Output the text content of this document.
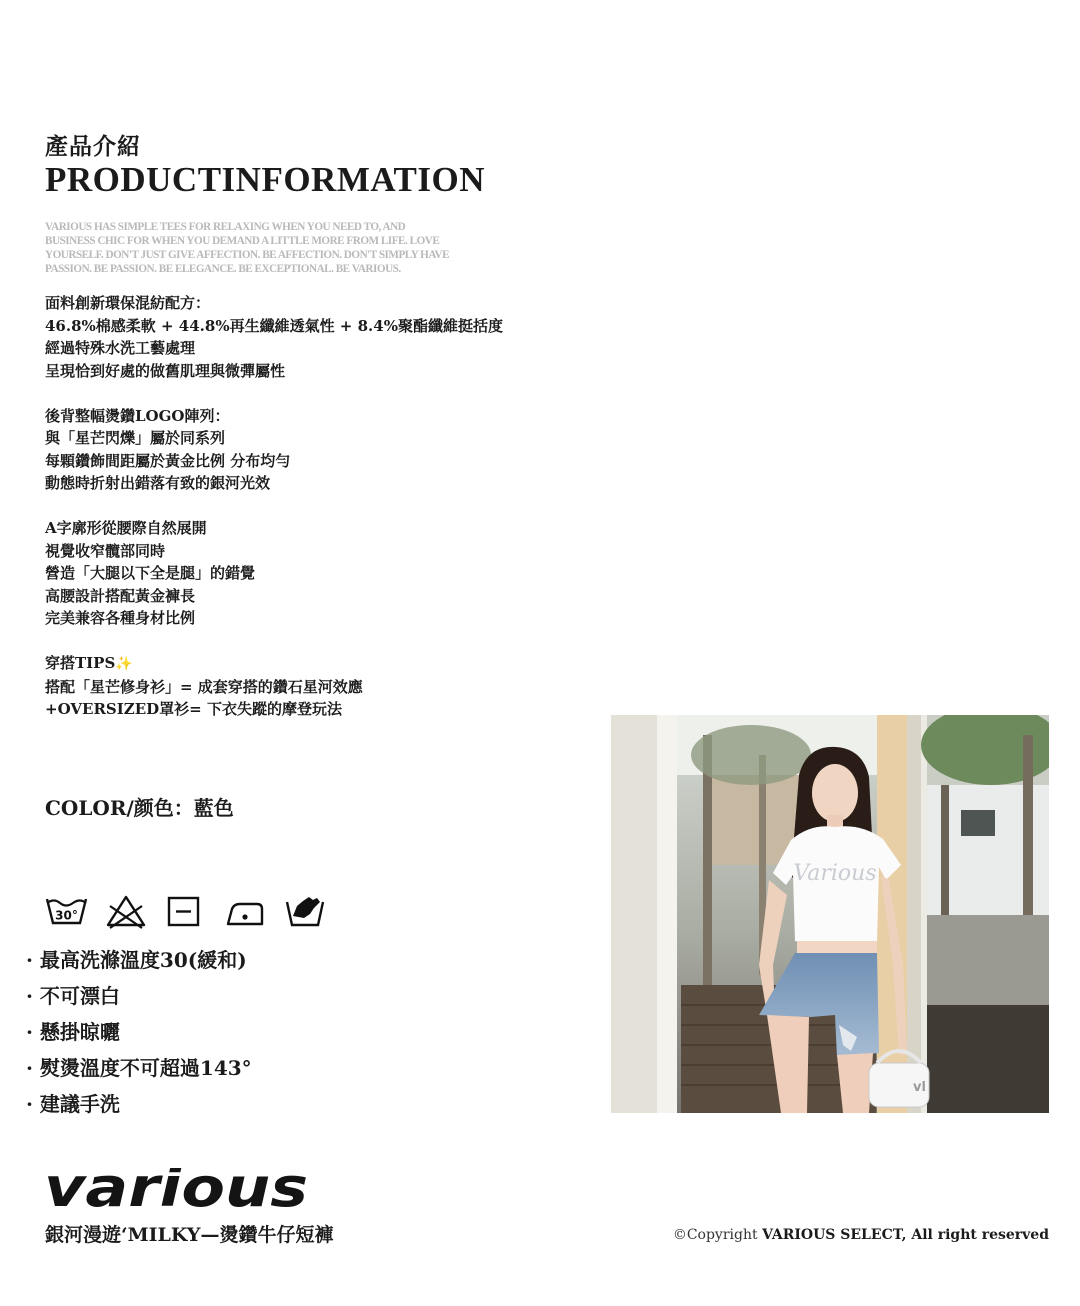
產品介紹
PRODUCTINFORMATION
VARIOUS HAS SIMPLE TEES FOR RELAXING WHEN YOU NEED TO, AND
BUSINESS CHIC FOR WHEN YOU DEMAND A LITTLE MORE FROM LIFE. LOVE
YOURSELF. DON'T JUST GIVE AFFECTION. BE AFFECTION. DON'T SIMPLY HAVE
PASSION. BE PASSION. BE ELEGANCE. BE EXCEPTIONAL. BE VARIOUS.
面料創新環保混紡配方：
46.8%棉感柔軟 + 44.8%再生纖維透氣性 + 8.4%聚酯纖維挺括度
經過特殊水洗工藝處理
呈現恰到好處的做舊肌理與微彈屬性
後背整幅燙鑽LOGO陣列：
與「星芒閃爍」屬於同系列
每顆鑽飾間距屬於黃金比例 分布均勻
動態時折射出錯落有致的銀河光效
A字廓形從腰際自然展開
視覺收窄髖部同時
營造「大腿以下全是腿」的錯覺
高腰設計搭配黃金褲長
完美兼容各種身材比例
穿搭TIPS✨
搭配「星芒修身衫」= 成套穿搭的鑽石星河效應
+OVERSIZED罩衫= 下衣失蹤的摩登玩法
COLOR/颜色：藍色
30°
· 最高洗滌溫度30(緩和)
· 不可漂白
· 懸掛晾曬
· 熨燙溫度不可超過143°
· 建議手洗
Various
vl
various
銀河漫遊‘MILKY—燙鑽牛仔短褲	©Copyright VARIOUS SELECT, All right reserved
